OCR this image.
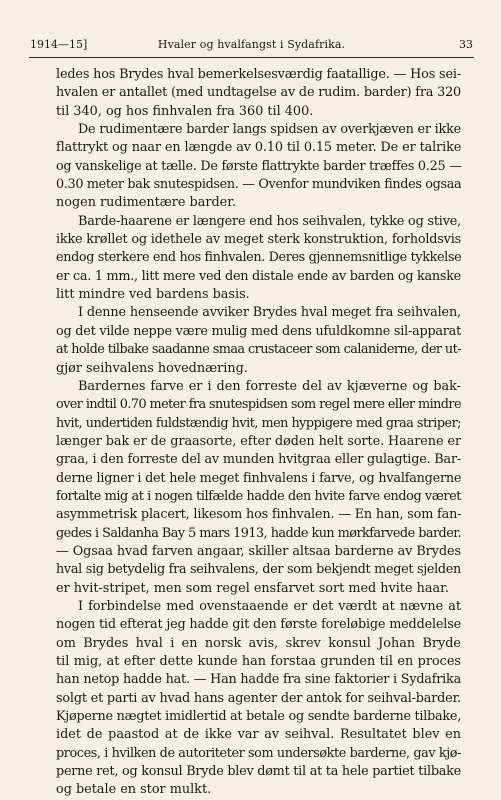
1914—15]	Hvaler og hvalfangst i Sydafrika.	33
ledes hos Brydes hval bemerkelsesværdig faatallige. — Hos sei-
hvalen er antallet (med undtagelse av de rudim. barder) fra 320
til 340, og hos finhvalen fra 360 til 400.
De rudimentære barder langs spidsen av overkjæven er ikke
flattrykt og naar en længde av 0.10 til 0.15 meter. De er talrike
og vanskelige at tælle. De første flattrykte barder træffes 0.25 —
0.30 meter bak snutespidsen. — Ovenfor mundviken findes ogsaa
nogen rudimentære barder.
Barde-haarene er længere end hos seihvalen, tykke og stive,
ikke krøllet og idethele av meget sterk konstruktion, forholdsvis
endog sterkere end hos finhvalen. Deres gjennemsnitlige tykkelse
er ca. 1 mm., litt mere ved den distale ende av barden og kanske
litt mindre ved bardens basis.
I denne henseende avviker Brydes hval meget fra seihvalen,
og det vilde neppe være mulig med dens ufuldkomne sil-apparat
at holde tilbake saadanne smaa crustaceer som calaniderne, der ut-
gjør seihvalens hovednæring.
Bardernes farve er i den forreste del av kjæverne og bak-
over indtil 0.70 meter fra snutespidsen som regel mere eller mindre
hvit, undertiden fuldstændig hvit, men hyppigere med graa striper;
længer bak er de graasorte, efter døden helt sorte. Haarene er
graa, i den forreste del av munden hvitgraa eller gulagtige. Bar-
derne ligner i det hele meget finhvalens i farve, og hvalfangerne
fortalte mig at i nogen tilfælde hadde den hvite farve endog været
asymmetrisk placert, likesom hos finhvalen. — En han, som fan-
gedes i Saldanha Bay 5 mars 1913, hadde kun mørkfarvede barder.
— Ogsaa hvad farven angaar, skiller altsaa barderne av Brydes
hval sig betydelig fra seihvalens, der som bekjendt meget sjelden
er hvit-stripet, men som regel ensfarvet sort med hvite haar.
I forbindelse med ovenstaaende er det værdt at nævne at
nogen tid efterat jeg hadde git den første foreløbige meddelelse
om Brydes hval i en norsk avis, skrev konsul Johan Bryde
til mig, at efter dette kunde han forstaa grunden til en proces
han netop hadde hat. — Han hadde fra sine faktorier i Sydafrika
solgt et parti av hvad hans agenter der antok for seihval-barder.
Kjøperne nægtet imidlertid at betale og sendte barderne tilbake,
idet de paastod at de ikke var av seihval. Resultatet blev en
proces, i hvilken de autoriteter som undersøkte barderne, gav kjø-
perne ret, og konsul Bryde blev dømt til at ta hele partiet tilbake
og betale en stor mulkt.
